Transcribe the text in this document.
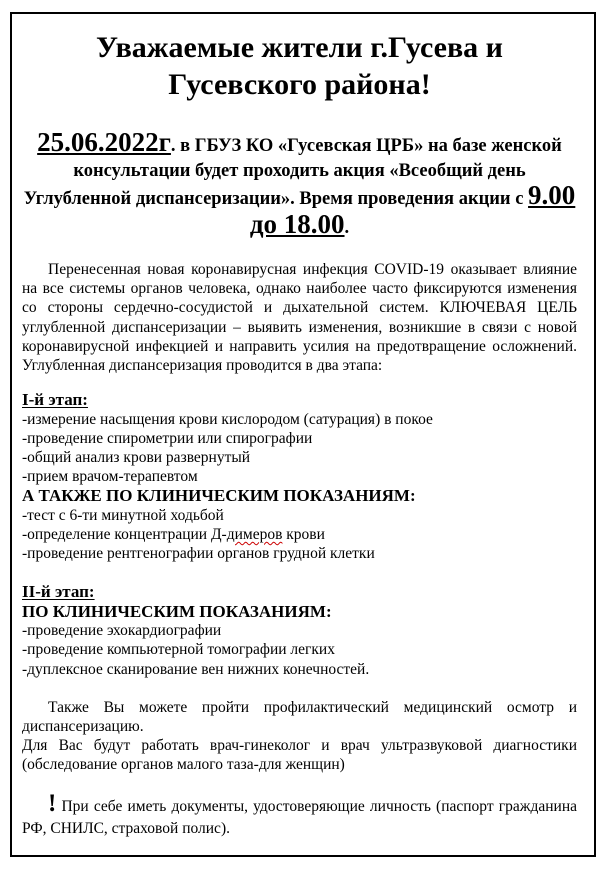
Уважаемые жители г.Гусева и
Гусевского района!
25.06.2022г. в ГБУЗ КО «Гусевская ЦРБ» на базе женской консультации будет проходить акция «Всеобщий день Углубленной диспансеризации». Время проведения акции с 9.00 до 18.00.
Перенесенная новая коронавирусная инфекция COVID-19 оказывает влияние на все системы органов человека, однако наиболее часто фиксируются изменения со стороны сердечно-сосудистой и дыхательной систем. КЛЮЧЕВАЯ ЦЕЛЬ углубленной диспансеризации – выявить изменения, возникшие в связи с новой коронавирусной инфекцией и направить усилия на предотвращение осложнений. Углубленная диспансеризация проводится в два этапа:
I-й этап:
-измерение насыщения крови кислородом (сатурация) в покое
-проведение спирометрии или спирографии
-общий анализ крови развернутый
-прием врачом-терапевтом
А ТАКЖЕ ПО КЛИНИЧЕСКИМ ПОКАЗАНИЯМ:
-тест с 6-ти минутной ходьбой
-определение концентрации Д-димеров крови
-проведение рентгенографии органов грудной клетки
II-й этап:
ПО КЛИНИЧЕСКИМ ПОКАЗАНИЯМ:
-проведение эхокардиографии
-проведение компьютерной томографии легких
-дуплексное сканирование вен нижних конечностей.
Также Вы можете пройти профилактический медицинский осмотр и диспансеризацию.
Для Вас будут работать врач-гинеколог и врач ультразвуковой диагностики (обследование органов малого таза-для женщин)
! При себе иметь документы, удостоверяющие личность (паспорт гражданина РФ, СНИЛС, страховой полис).
